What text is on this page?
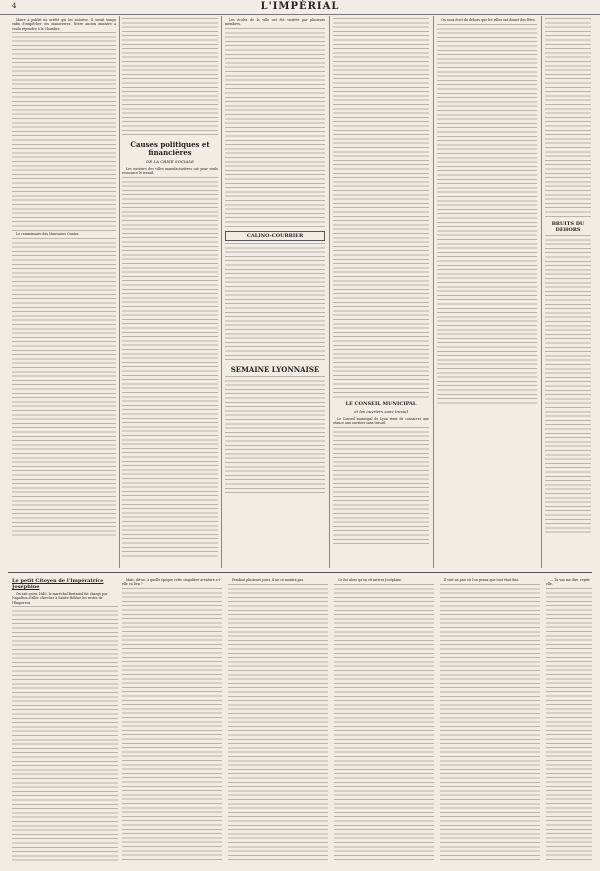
4	L'IMPÉRIAL

Maire à publié un arrêté qui les autorise. Il serait temps enfin d'empêcher ces manœuvres. Notre ancien ministre a voulu répondre à la Chambre.

Le commissaire des Mauvaises Quatre.

Causes politiques et financières
DE LA CRISE SOCIALE

Les ouvriers des villes manufacturières ont pour seule ressource le travail.

Les écoles de la ville ont été visitées par plusieurs membres.

CALINO-COURRIER
SEMAINE LYONNAISE
LE CONSEIL MUNICIPAL
et les ouvriers sans travail

Le Conseil municipal de Lyon vient de consacrer une séance aux ouvriers sans travail.

On nous écrit du dehors que les villes ont donné des fêtes.

BRUITS DU DEHORS
Le petit Citoyen de l'Impératrice Joséphine

On sait qu'en 1840, le maréchal Bertrand fut chargé par Napoléon d'aller chercher à Sainte-Hélène les restes de l'Empereur.

Mais, dit-on, à quelle époque cette singulière aventure a-t-elle eu lieu ?

Pendant plusieurs jours, il ne se montra pas.	Ce fut alors qu'on vit arriver Joséphine.	Il vint un jour où l'on pensa que tout était fini.	— Tu vas me dire, reprit-elle.
